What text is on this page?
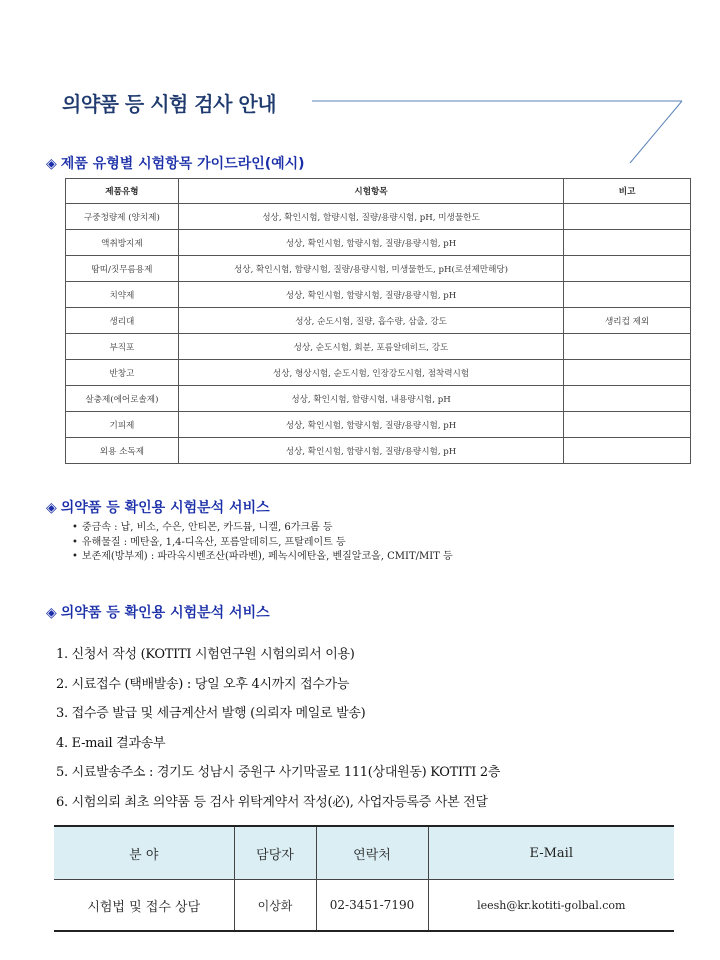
의약품 등 시험 검사 안내
◈ 제품 유형별 시험항목 가이드라인(예시)
제품유형	시험항목	비고
구중청량제 (양치제)	성상, 확인시험, 함량시험, 질량/용량시험, pH, 미생물한도	
액취방지제	성상, 확인시험, 함량시험, 질량/용량시험, pH	
땀띠/짓무름용제	성상, 확인시험, 함량시험, 질량/용량시험, 미생물한도, pH(로션제만해당)	
치약제	성상, 확인시험, 함량시험, 질량/용량시험, pH	
생리대	성상, 순도시험, 질량, 흡수량, 삼출, 강도	생리컵 제외
부직포	성상, 순도시험, 회분, 포름알데히드, 강도	
반창고	성상, 형상시험, 순도시험, 인장강도시험, 점착력시험	
살충제(에어로솔제)	성상, 확인시험, 함량시험, 내용량시험, pH	
기피제	성상, 확인시험, 함량시험, 질량/용량시험, pH	
외용 소독제	성상, 확인시험, 함량시험, 질량/용량시험, pH	
◈ 의약품 등 확인용 시험분석 서비스
• 중금속 : 납, 비소, 수은, 안티몬, 카드뮴, 니켈, 6가크롬 등
• 유해물질 : 메탄올, 1,4-디옥산, 포름알데히드, 프탈레이트 등
• 보존제(방부제) : 파라옥시벤조산(파라벤), 페녹시에탄올, 벤질알코올, CMIT/MIT 등
◈ 의약품 등 확인용 시험분석 서비스
1. 신청서 작성 (KOTITI 시험연구원 시험의뢰서 이용)
2. 시료접수 (택배발송) : 당일 오후 4시까지 접수가능
3. 접수증 발급 및 세금계산서 발행 (의뢰자 메일로 발송)
4. E-mail 결과송부
5. 시료발송주소 : 경기도 성남시 중원구 사기막골로 111(상대원동) KOTITI 2층
6. 시험의뢰 최초 의약품 등 검사 위탁계약서 작성(必), 사업자등록증 사본 전달
분 야	담당자	연락처	E-Mail
시험법 및 접수 상담	이상화	02-3451-7190	leesh@kr.kotiti-golbal.com
